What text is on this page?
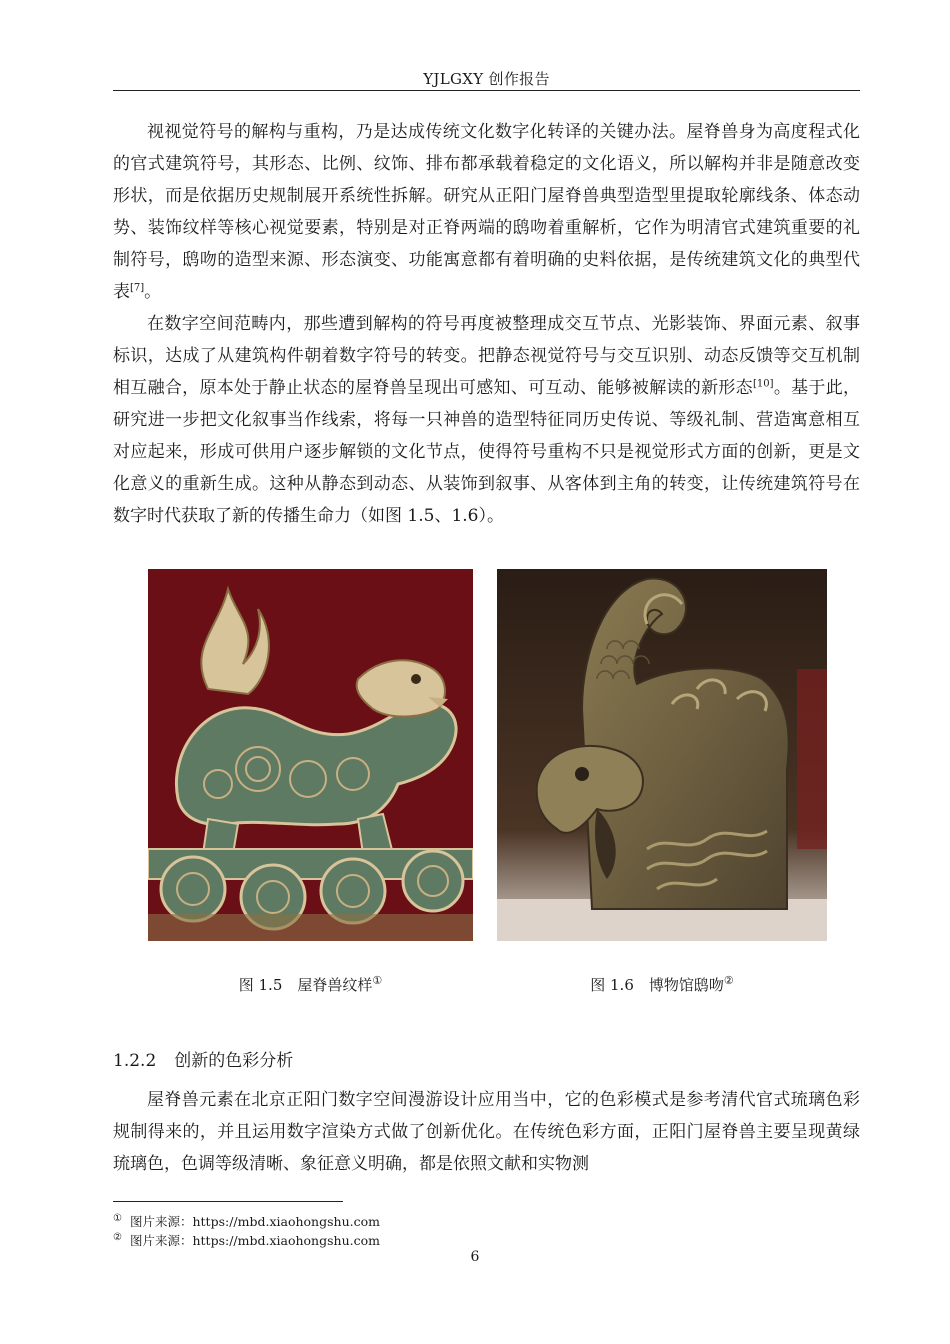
YJLGXY 创作报告

视视觉符号的解构与重构，乃是达成传统文化数字化转译的关键办法。屋脊兽身为高度程式化的官式建筑符号，其形态、比例、纹饰、排布都承载着稳定的文化语义，所以解构并非是随意改变形状，而是依据历史规制展开系统性拆解。研究从正阳门屋脊兽典型造型里提取轮廓线条、体态动势、装饰纹样等核心视觉要素，特别是对正脊两端的鸱吻着重解析，它作为明清官式建筑重要的礼制符号，鸱吻的造型来源、形态演变、功能寓意都有着明确的史料依据，是传统建筑文化的典型代表[7]。

在数字空间范畴内，那些遭到解构的符号再度被整理成交互节点、光影装饰、界面元素、叙事标识，达成了从建筑构件朝着数字符号的转变。把静态视觉符号与交互识别、动态反馈等交互机制相互融合，原本处于静止状态的屋脊兽呈现出可感知、可互动、能够被解读的新形态[10]。基于此，研究进一步把文化叙事当作线索，将每一只神兽的造型特征同历史传说、等级礼制、营造寓意相互对应起来，形成可供用户逐步解锁的文化节点，使得符号重构不只是视觉形式方面的创新，更是文化意义的重新生成。这种从静态到动态、从装饰到叙事、从客体到主角的转变，让传统建筑符号在数字时代获取了新的传播生命力（如图 1.5、1.6）。

图 1.5　屋脊兽纹样①	图 1.6　博物馆鸱吻②
1.2.2 创新的色彩分析

屋脊兽元素在北京正阳门数字空间漫游设计应用当中，它的色彩模式是参考清代官式琉璃色彩规制得来的，并且运用数字渲染方式做了创新优化。在传统色彩方面，正阳门屋脊兽主要呈现黄绿琉璃色，色调等级清晰、象征意义明确，都是依照文献和实物测

① 图片来源：https://mbd.xiaohongshu.com
② 图片来源：https://mbd.xiaohongshu.com
6
